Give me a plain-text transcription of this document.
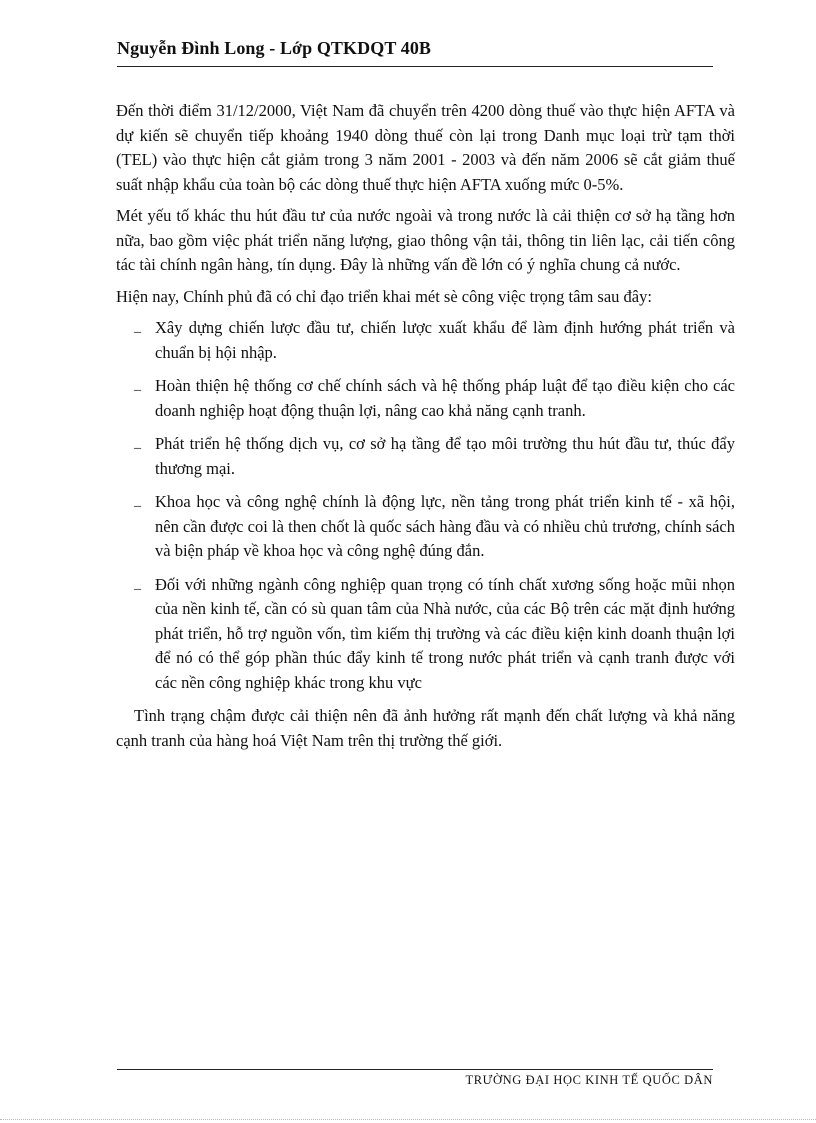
Nguyễn Đình Long - Lớp QTKDQT 40B

Đến thời điểm 31/12/2000, Việt Nam đã chuyển trên 4200 dòng thuế vào thực hiện AFTA và dự kiến sẽ chuyển tiếp khoảng 1940 dòng thuế còn lại trong Danh mục loại trừ tạm thời (TEL) vào thực hiện cắt giảm trong 3 năm 2001 - 2003 và đến năm 2006 sẽ cắt giảm thuế suất nhập khẩu của toàn bộ các dòng thuế thực hiện AFTA xuống mức 0-5%.

Mét yếu tố khác thu hút đầu tư của nước ngoài và trong nước là cải thiện cơ sở hạ tầng hơn nữa, bao gồm việc phát triển năng lượng, giao thông vận tải, thông tin liên lạc, cải tiến công tác tài chính ngân hàng, tín dụng. Đây là những vấn đề lớn có ý nghĩa chung cả nước.

Hiện nay, Chính phủ đã có chỉ đạo triển khai mét sè công việc trọng tâm sau đây:

_ Xây dựng chiến lược đầu tư, chiến lược xuất khẩu để làm định hướng phát triển và chuẩn bị hội nhập.
_ Hoàn thiện hệ thống cơ chế chính sách và hệ thống pháp luật để tạo điều kiện cho các doanh nghiệp hoạt động thuận lợi, nâng cao khả năng cạnh tranh.
_ Phát triển hệ thống dịch vụ, cơ sở hạ tầng để tạo môi trường thu hút đầu tư, thúc đẩy thương mại.
_ Khoa học và công nghệ chính là động lực, nền tảng trong phát triển kinh tế - xã hội, nên cần được coi là then chốt là quốc sách hàng đầu và có nhiều chủ trương, chính sách và biện pháp về khoa học và công nghệ đúng đắn.
_ Đối với những ngành công nghiệp quan trọng có tính chất xương sống hoặc mũi nhọn của nền kinh tế, cần có sù quan tâm của Nhà nước, của các Bộ trên các mặt định hướng phát triển, hỗ trợ nguồn vốn, tìm kiếm thị trường và các điều kiện kinh doanh thuận lợi để nó có thể góp phần thúc đẩy kinh tế trong nước phát triển và cạnh tranh được với các nền công nghiệp khác trong khu vực

Tình trạng chậm được cải thiện nên đã ảnh hưởng rất mạnh đến chất lượng và khả năng cạnh tranh của hàng hoá Việt Nam trên thị trường thế giới.

TRƯỜNG ĐẠI HỌC KINH TẾ QUỐC DÂN
